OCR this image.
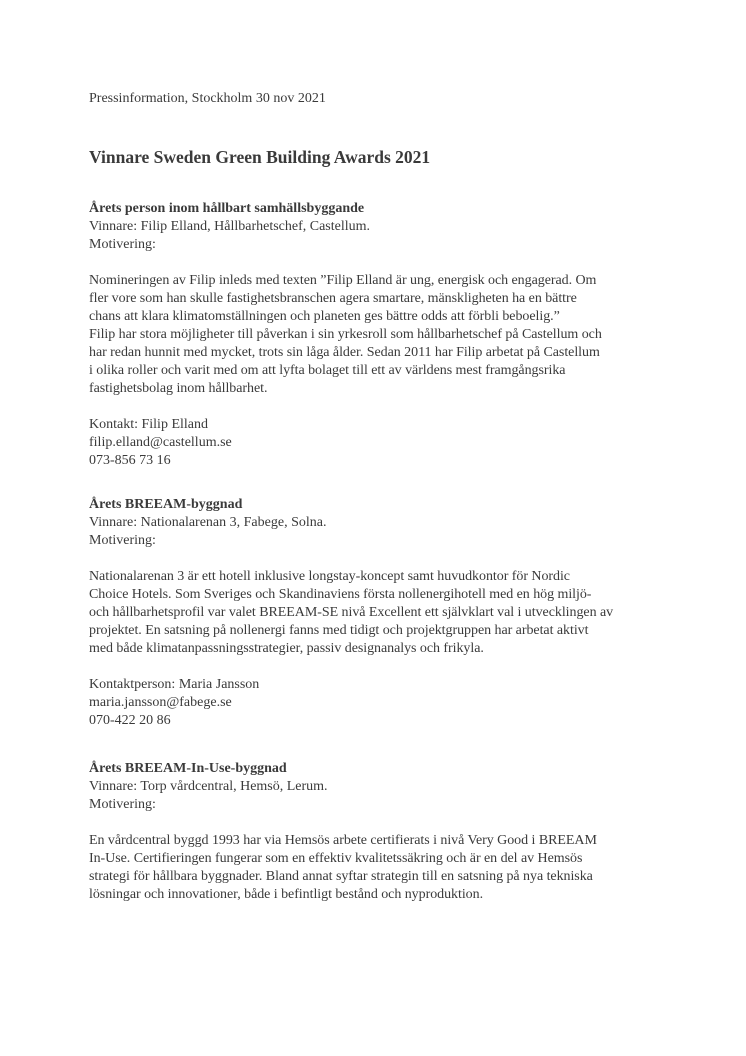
Pressinformation, Stockholm 30 nov 2021
Vinnare Sweden Green Building Awards 2021
Årets person inom hållbart samhällsbyggande
Vinnare: Filip Elland, Hållbarhetschef, Castellum.
Motivering:
Nomineringen av Filip inleds med texten ”Filip Elland är ung, energisk och engagerad. Om
fler vore som han skulle fastighetsbranschen agera smartare, mänskligheten ha en bättre
chans att klara klimatomställningen och planeten ges bättre odds att förbli beboelig.”
Filip har stora möjligheter till påverkan i sin yrkesroll som hållbarhetschef på Castellum och
har redan hunnit med mycket, trots sin låga ålder. Sedan 2011 har Filip arbetat på Castellum
i olika roller och varit med om att lyfta bolaget till ett av världens mest framgångsrika
fastighetsbolag inom hållbarhet.
Kontakt: Filip Elland
filip.elland@castellum.se
073-856 73 16
Årets BREEAM-byggnad
Vinnare: Nationalarenan 3, Fabege, Solna.
Motivering:
Nationalarenan 3 är ett hotell inklusive longstay-koncept samt huvudkontor för Nordic
Choice Hotels. Som Sveriges och Skandinaviens första nollenergihotell med en hög miljö-
och hållbarhetsprofil var valet BREEAM-SE nivå Excellent ett självklart val i utvecklingen av
projektet. En satsning på nollenergi fanns med tidigt och projektgruppen har arbetat aktivt
med både klimatanpassningsstrategier, passiv designanalys och frikyla.
Kontaktperson: Maria Jansson
maria.jansson@fabege.se
070-422 20 86
Årets BREEAM-In-Use-byggnad
Vinnare: Torp vårdcentral, Hemsö, Lerum.
Motivering:
En vårdcentral byggd 1993 har via Hemsös arbete certifierats i nivå Very Good i BREEAM
In-Use. Certifieringen fungerar som en effektiv kvalitetssäkring och är en del av Hemsös
strategi för hållbara byggnader. Bland annat syftar strategin till en satsning på nya tekniska
lösningar och innovationer, både i befintligt bestånd och nyproduktion.
